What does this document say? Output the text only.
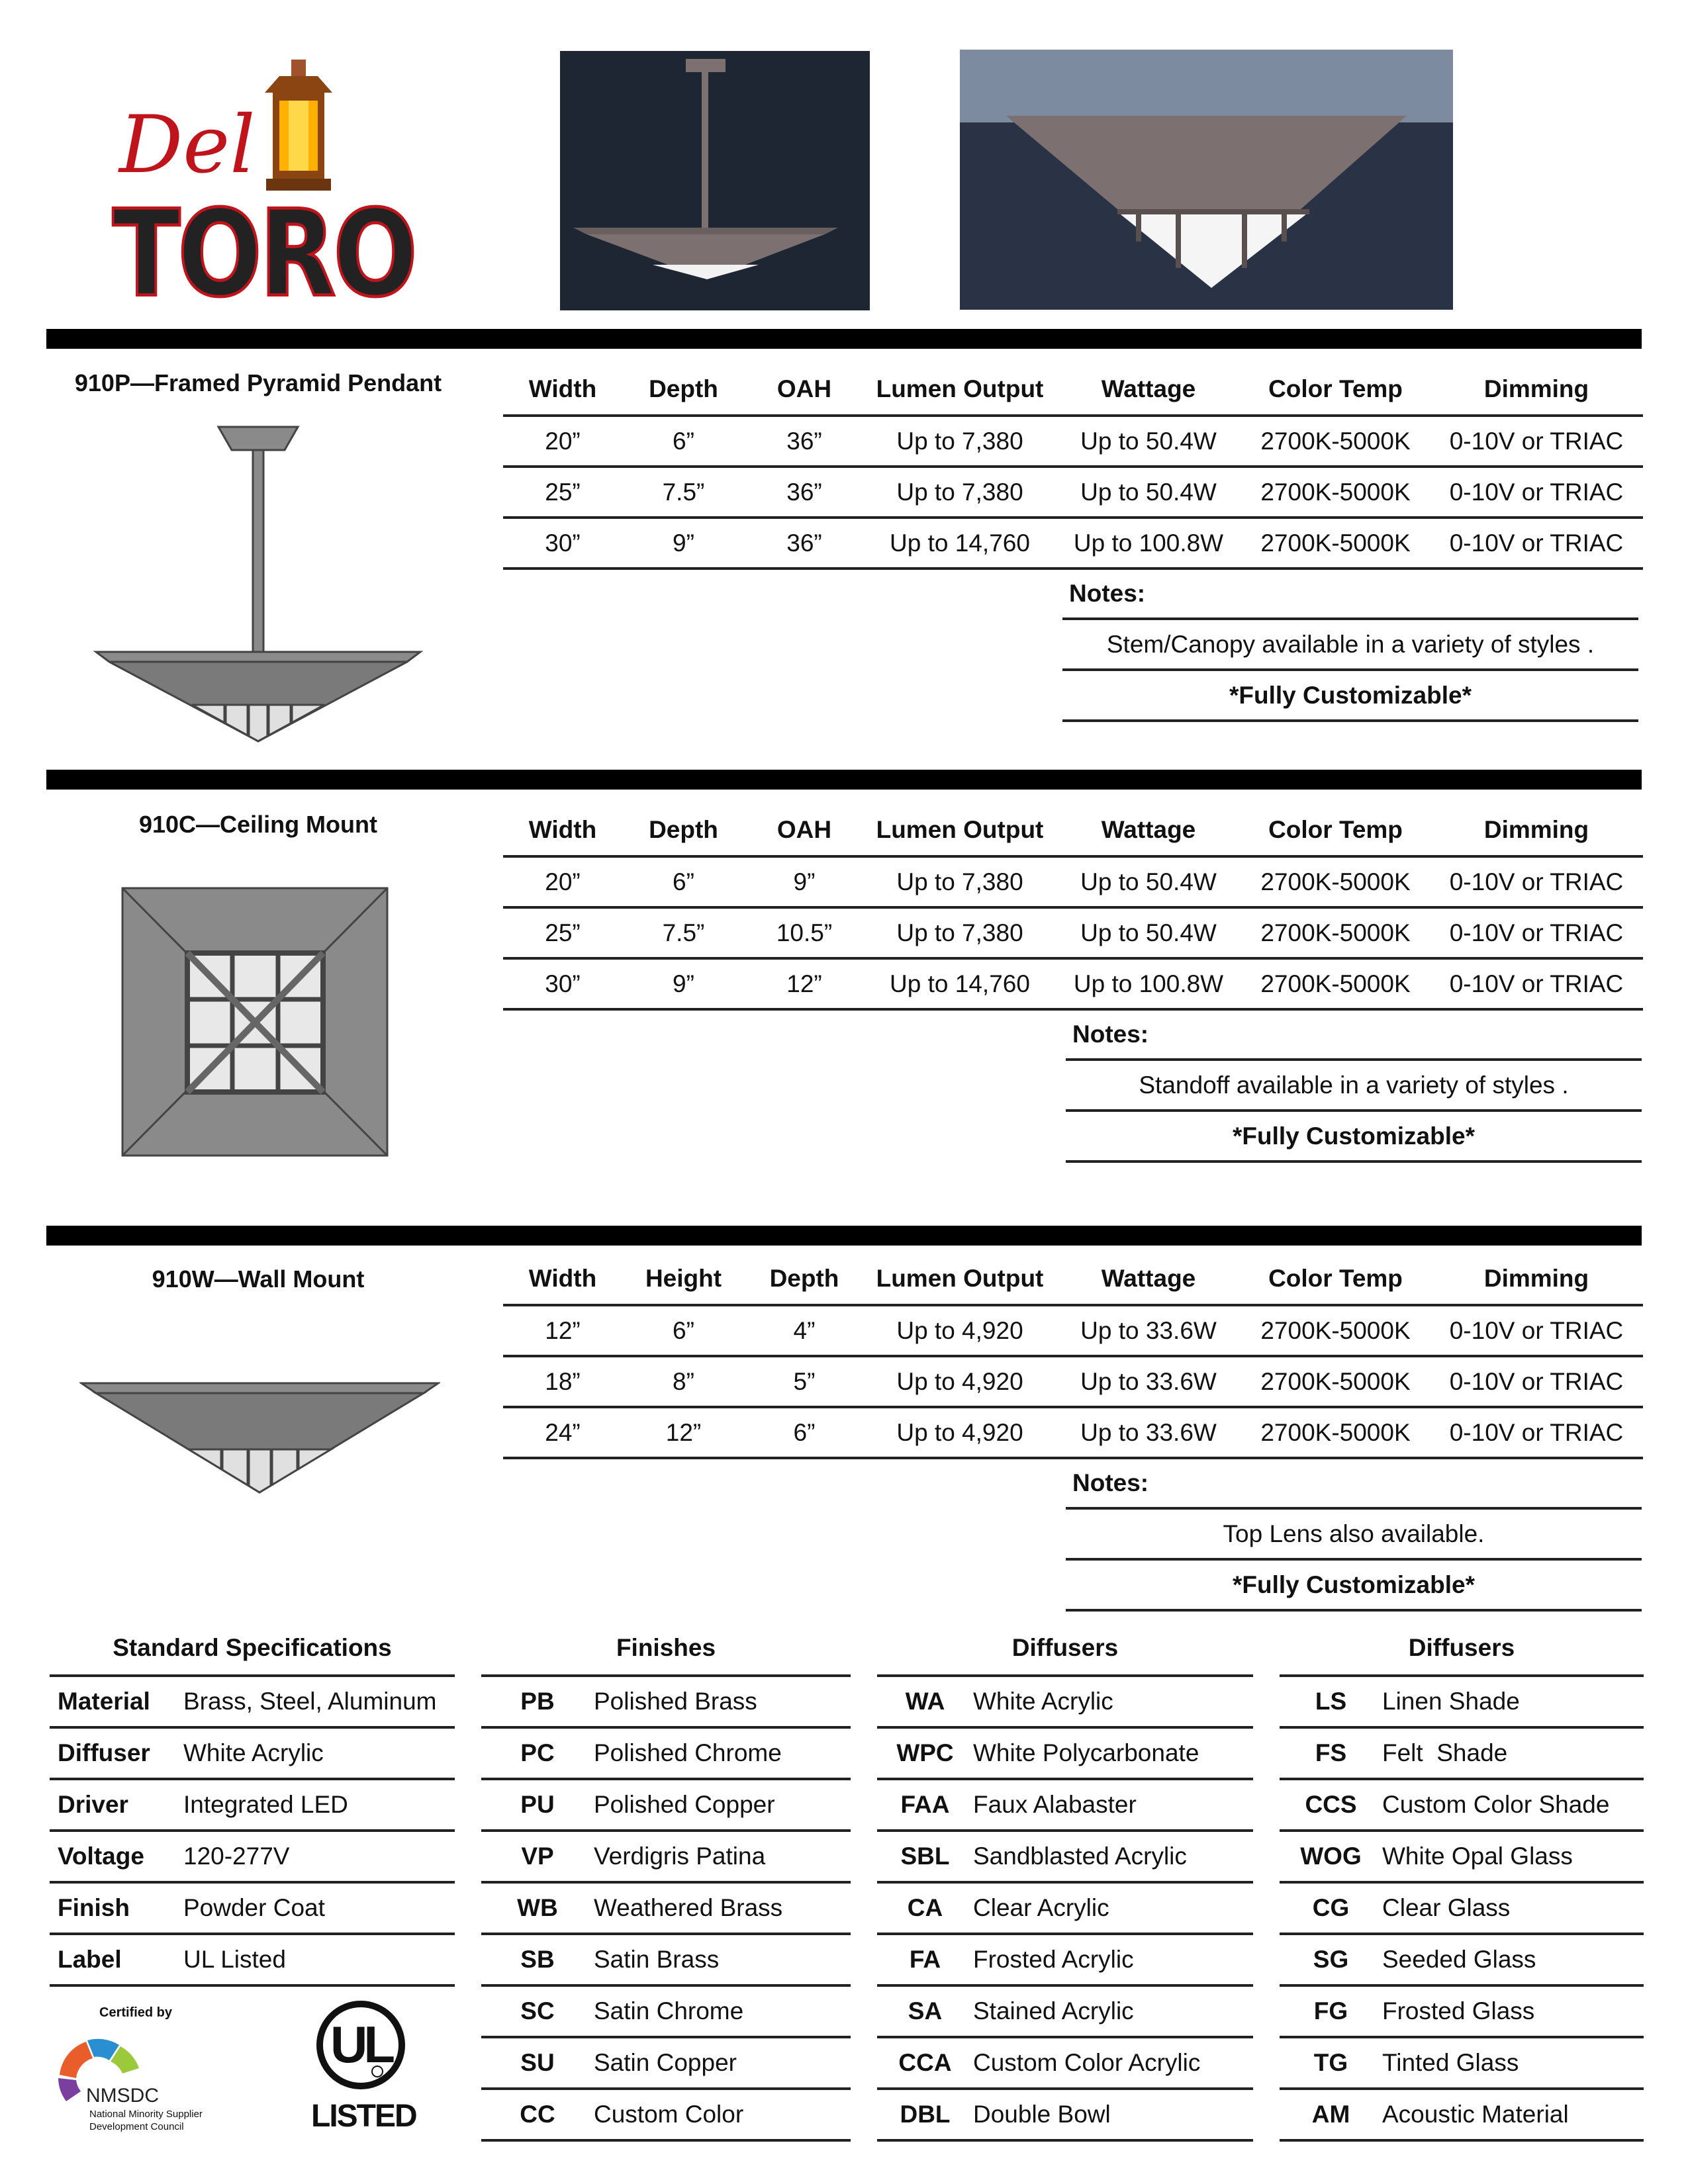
Del
TORO
910P—Framed Pyramid Pendant	Width	Depth	OAH	Lumen Output	Wattage	Color Temp	Dimming
20”	6”	36”	Up to 7,380	Up to 50.4W	2700K-5000K	0-10V or TRIAC
25”	7.5”	36”	Up to 7,380	Up to 50.4W	2700K-5000K	0-10V or TRIAC
30”	9”	36”	Up to 14,760	Up to 100.8W	2700K-5000K	0-10V or TRIAC
Notes:
Stem/Canopy available in a variety of styles .
*Fully Customizable*
910C—Ceiling Mount	Width	Depth	OAH	Lumen Output	Wattage	Color Temp	Dimming
20”	6”	9”	Up to 7,380	Up to 50.4W	2700K-5000K	0-10V or TRIAC
25”	7.5”	10.5”	Up to 7,380	Up to 50.4W	2700K-5000K	0-10V or TRIAC
30”	9”	12”	Up to 14,760	Up to 100.8W	2700K-5000K	0-10V or TRIAC
Notes:
Standoff available in a variety of styles .
*Fully Customizable*
910W—Wall Mount	Width	Height	Depth	Lumen Output	Wattage	Color Temp	Dimming
12”	6”	4”	Up to 4,920	Up to 33.6W	2700K-5000K	0-10V or TRIAC
18”	8”	5”	Up to 4,920	Up to 33.6W	2700K-5000K	0-10V or TRIAC
24”	12”	6”	Up to 4,920	Up to 33.6W	2700K-5000K	0-10V or TRIAC
Notes:
Top Lens also available.
*Fully Customizable*
Standard Specifications
Material	Brass, Steel, Aluminum
Diffuser	White Acrylic
Driver	Integrated LED
Voltage	120-277V
Finish	Powder Coat
Label	UL Listed
Finishes
PB	Polished Brass
PC	Polished Chrome
PU	Polished Copper
VP	Verdigris Patina
WB	Weathered Brass
SB	Satin Brass
SC	Satin Chrome
SU	Satin Copper
CC	Custom Color
Diffusers
WA	White Acrylic
WPC White Polycarbonate
FAA Faux Alabaster
SBL Sandblasted Acrylic
CA	Clear Acrylic
FA	Frosted Acrylic
SA	Stained Acrylic
CCA Custom Color Acrylic
DBL Double Bowl
Diffusers
LS	Linen Shade
FS	Felt  Shade
CCS	Custom Color Shade
WOG White Opal Glass
CG	Clear Glass
SG	Seeded Glass
FG	Frosted Glass
TG	Tinted Glass
AM	Acoustic Material
Certified by
NMSDC
National Minority Supplier
Development Council
UL
LISTED
